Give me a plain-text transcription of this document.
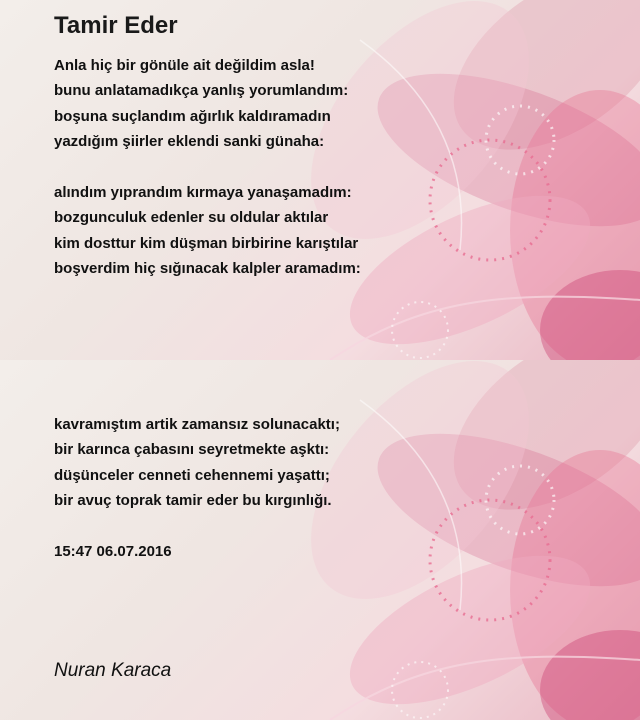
Tamir Eder

Anla hiç bir gönüle ait değildim asla!
bunu anlatamadıkça yanlış yorumlandım:
boşuna suçlandım ağırlık kaldıramadın
yazdığım şiirler eklendi sanki günaha:

alındım yıprandım kırmaya yanaşamadım:
bozgunculuk edenler su oldular aktılar
kim dosttur kim düşman birbirine karıştılar
boşverdim hiç sığınacak kalpler aramadım:

kavramıştım artik zamansız solunacaktı;
bir karınca çabasını seyretmekte aşktı:
düşünceler cenneti cehennemi yaşattı;
bir avuç toprak tamir eder bu kırgınlığı.

15:47 06.07.2016
Nuran Karaca
